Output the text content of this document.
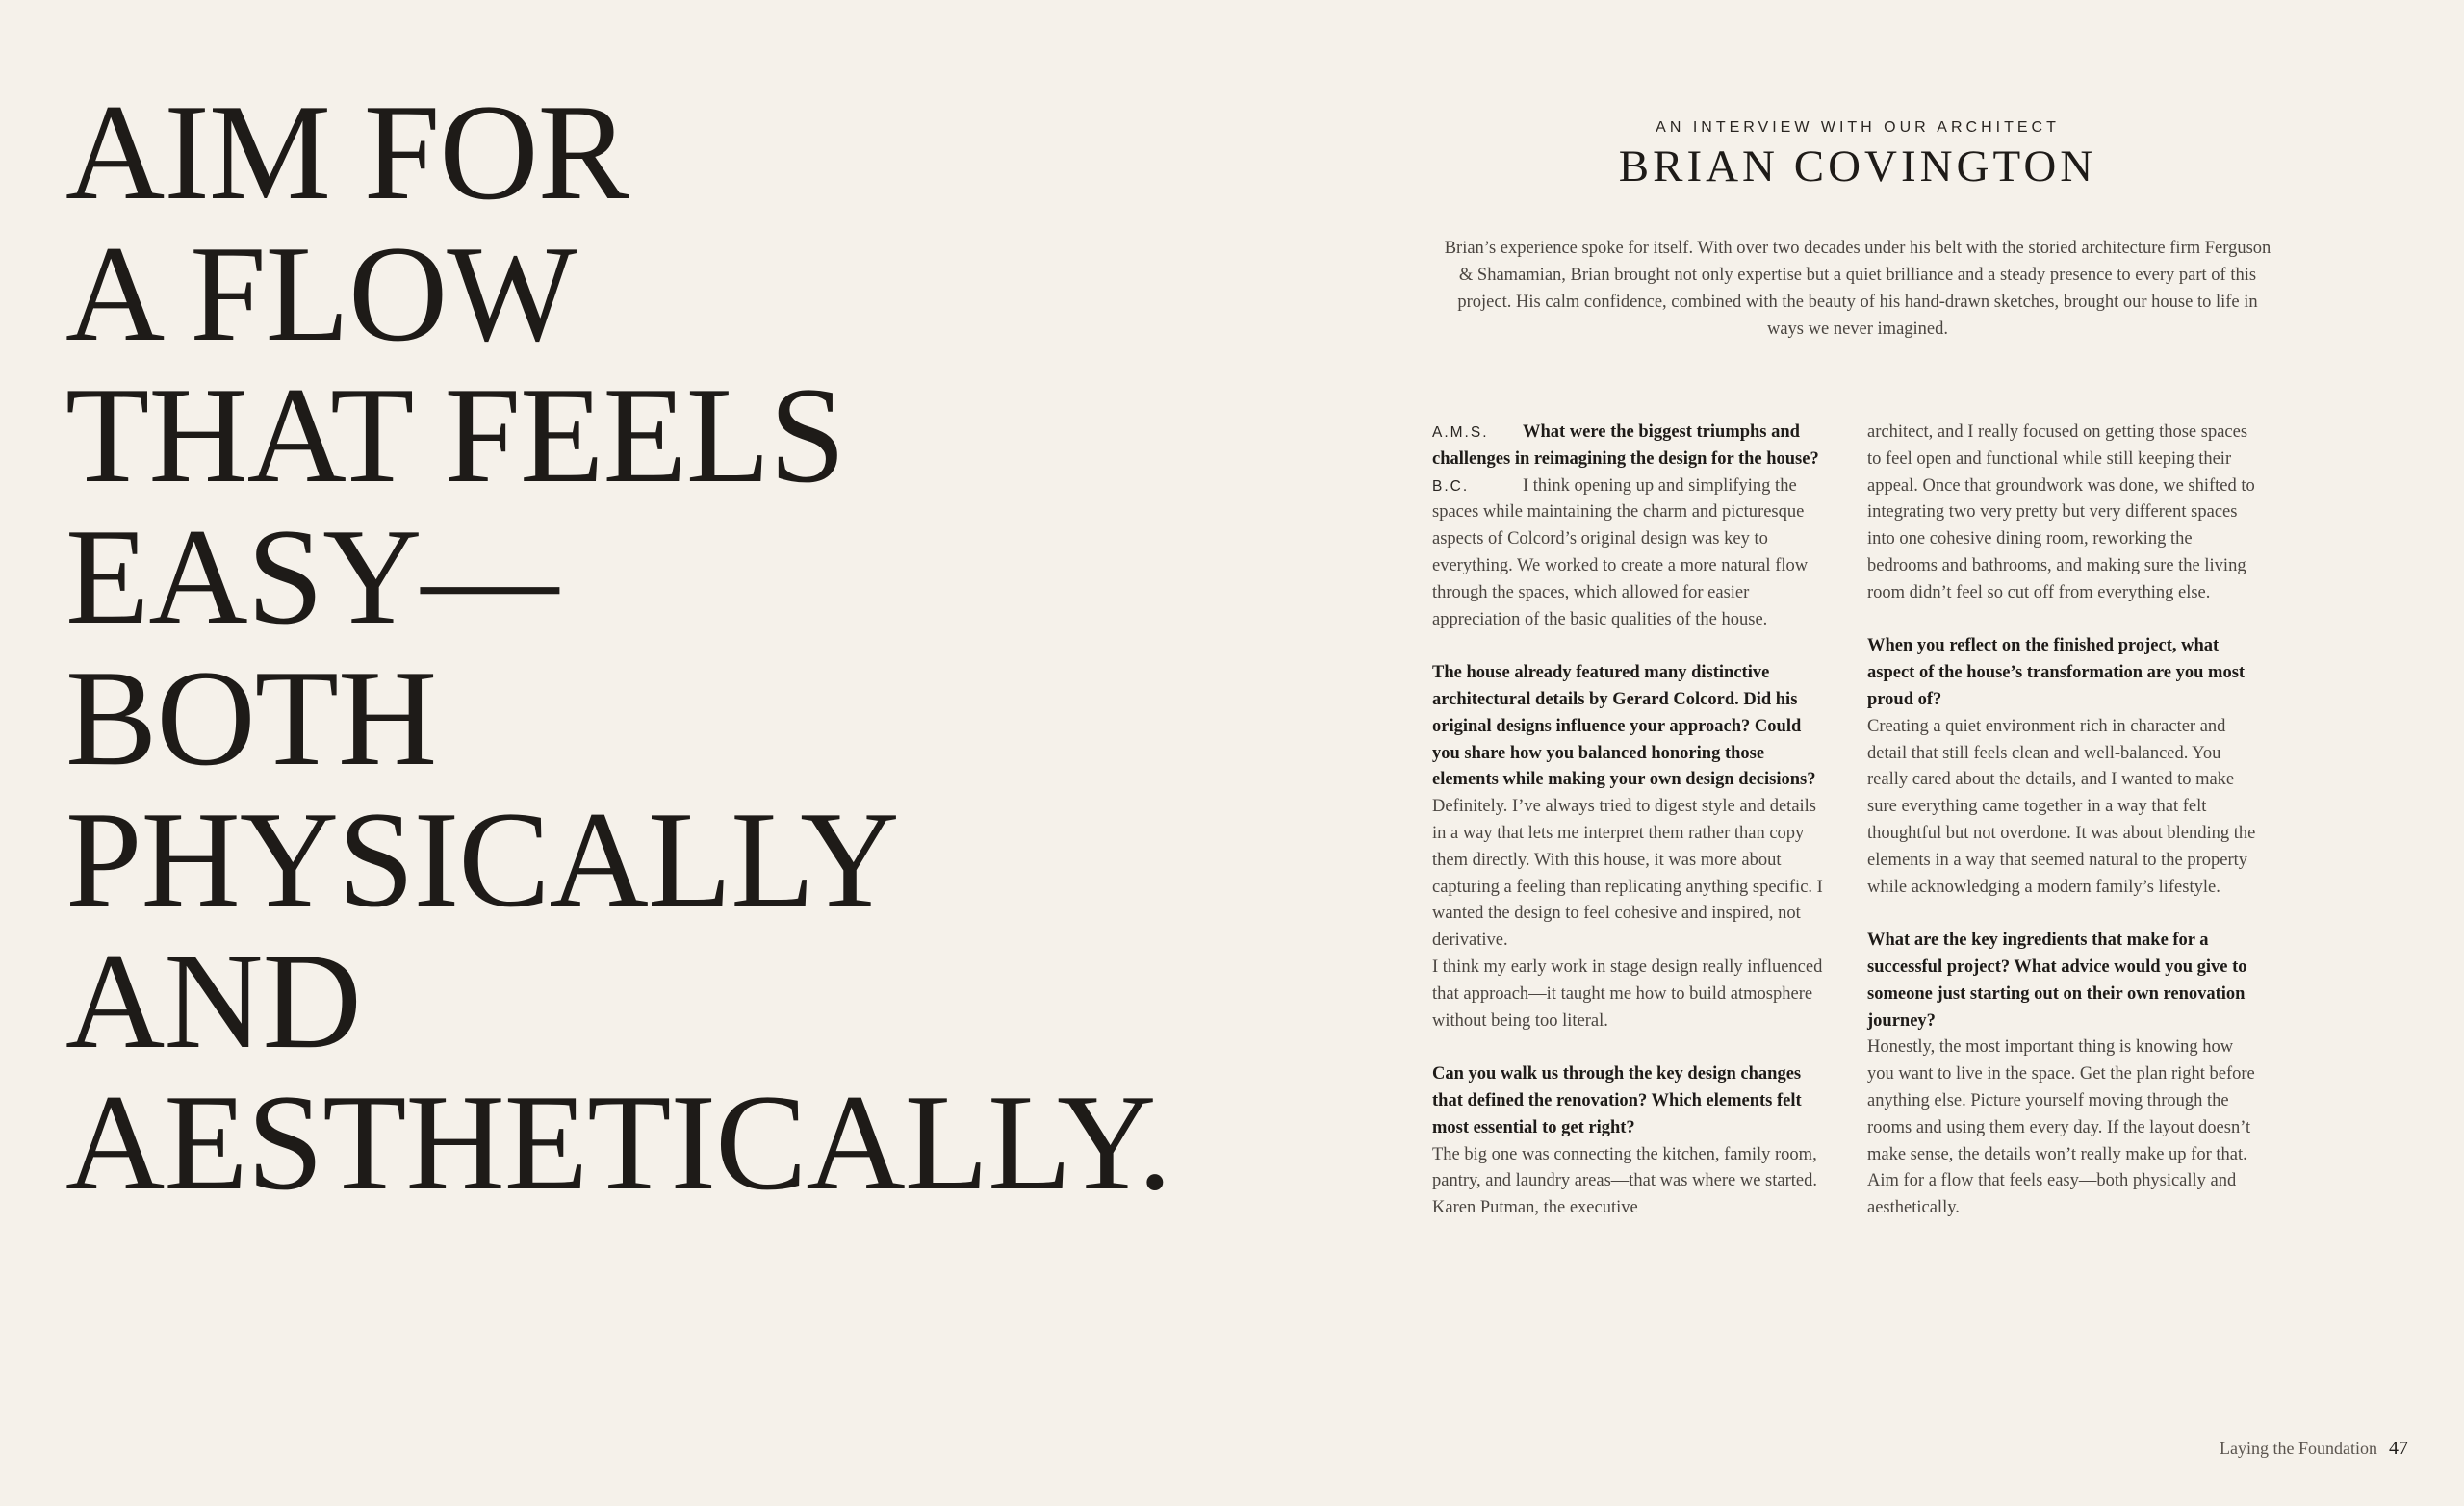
AIM FOR
A FLOW
THAT FEELS
EASY—
BOTH
PHYSICALLY
AND
AESTHETICALLY.
AN INTERVIEW WITH OUR ARCHITECT
BRIAN COVINGTON

Brian’s experience spoke for itself. With over two decades under his belt with the storied architecture firm Ferguson & Shamamian, Brian brought not only expertise but a quiet brilliance and a steady presence to every part of this project. His calm confidence, combined with the beauty of his hand-drawn sketches, brought our house to life in ways we never imagined.

A.M.S. What were the biggest triumphs and challenges in reimagining the design for the house?

B.C.	I think opening up and simplifying the spaces while maintaining the charm and picturesque aspects of Colcord’s original design was key to everything. We worked to create a more natural flow through the spaces, which allowed for easier appreciation of the basic qualities of the house.

The house already featured many distinctive architectural details by Gerard Colcord. Did his original designs influence your approach? Could you share how you balanced honoring those elements while making your own design decisions?

Definitely. I’ve always tried to digest style and details in a way that lets me interpret them rather than copy them directly. With this house, it was more about capturing a feeling than replicating anything specific. I wanted the design to feel cohesive and inspired, not derivative.

I think my early work in stage design really influenced that approach—it taught me how to build atmosphere without being too literal.

Can you walk us through the key design changes that defined the renovation? Which elements felt most essential to get right?

The big one was connecting the kitchen, family room, pantry, and laundry areas—that was where we started. Karen Putman, the executive

architect, and I really focused on getting those spaces to feel open and functional while still keeping their appeal. Once that groundwork was done, we shifted to integrating two very pretty but very different spaces into one cohesive dining room, reworking the bedrooms and bathrooms, and making sure the living room didn’t feel so cut off from everything else.

When you reflect on the finished project, what aspect of the house’s transformation are you most proud of?

Creating a quiet environment rich in character and detail that still feels clean and well-balanced. You really cared about the details, and I wanted to make sure everything came together in a way that felt thoughtful but not overdone. It was about blending the elements in a way that seemed natural to the property while acknowledging a modern family’s lifestyle.

What are the key ingredients that make for a successful project? What advice would you give to someone just starting out on their own renovation journey?

Honestly, the most important thing is knowing how you want to live in the space. Get the plan right before anything else. Picture yourself moving through the rooms and using them every day. If the layout doesn’t make sense, the details won’t really make up for that. Aim for a flow that feels easy—both physically and aesthetically.

Laying the Foundation 47
